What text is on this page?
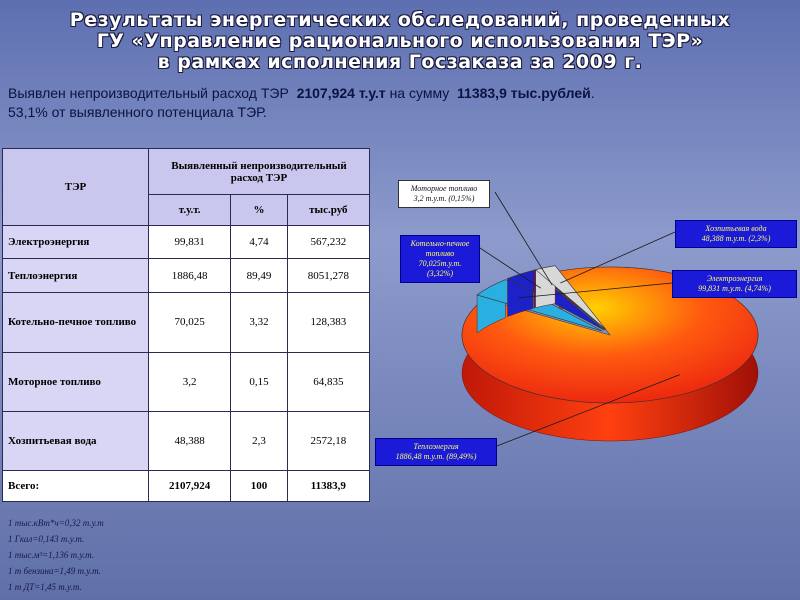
Результаты энергетических обследований, проведенных
ГУ «Управление рационального использования ТЭР»
в рамках исполнения Госзаказа за 2009 г.
Выявлен непроизводительный расход ТЭР 2107,924 т.у.т на сумму 11383,9 тыс.рублей.
53,1% от выявленного потенциала ТЭР.
ТЭР	Выявленный непроизводительный расход ТЭР		
	т.у.т.	%	тыс.руб
Электроэнергия	99,831	4,74	567,232
Теплоэнергия	1886,48	89,49	8051,278
Котельно-печное топливо	70,025	3,32	128,383
Моторное топливо	3,2	0,15	64,835
Хозпитьевая вода	48,388	2,3	2572,18
Всего:	2107,924	100	11383,9
Моторное топливо
3,2 т.у.т. (0,15%)
Котельно-печное топливо
70,025т.у.т.
(3,32%)
Хозпитьевая вода
48,388 т.у.т. (2,3%)
Электроэнергия
99,831 т.у.т. (4,74%)
Теплоэнергия
1886,48 т.у.т. (89,49%)
1 тыс.кВт*ч=0,32 т.у.т
1 Гкал=0,143 т.у.т.
1 тыс.м³=1,136 т.у.т.
1 т бензина=1,49 т.у.т.
1 т ДТ=1,45 т.у.т.
